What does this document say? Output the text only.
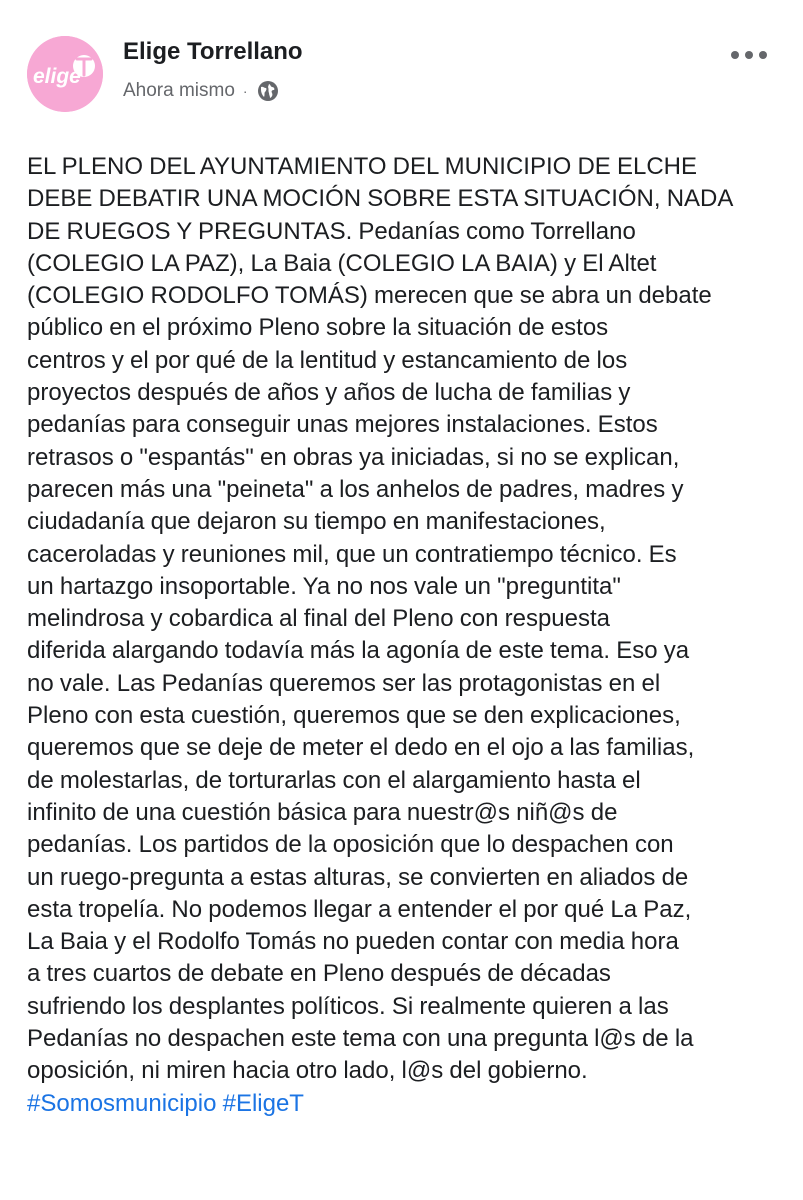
elige
Elige Torrellano
Ahora mismo ·
EL PLENO DEL AYUNTAMIENTO DEL MUNICIPIO DE ELCHE
DEBE DEBATIR UNA MOCIÓN SOBRE ESTA SITUACIÓN, NADA
DE RUEGOS Y PREGUNTAS. Pedanías como Torrellano
(COLEGIO LA PAZ), La Baia (COLEGIO LA BAIA) y El Altet
(COLEGIO RODOLFO TOMÁS) merecen que se abra un debate
público en el próximo Pleno sobre la situación de estos
centros y el por qué de la lentitud y estancamiento de los
proyectos después de años y años de lucha de familias y
pedanías para conseguir unas mejores instalaciones. Estos
retrasos o "espantás" en obras ya iniciadas, si no se explican,
parecen más una "peineta" a los anhelos de padres, madres y
ciudadanía que dejaron su tiempo en manifestaciones,
caceroladas y reuniones mil, que un contratiempo técnico. Es
un hartazgo insoportable. Ya no nos vale un "preguntita"
melindrosa y cobardica al final del Pleno con respuesta
diferida alargando todavía más la agonía de este tema. Eso ya
no vale. Las Pedanías queremos ser las protagonistas en el
Pleno con esta cuestión, queremos que se den explicaciones,
queremos que se deje de meter el dedo en el ojo a las familias,
de molestarlas, de torturarlas con el alargamiento hasta el
infinito de una cuestión básica para nuestr@s niñ@s de
pedanías. Los partidos de la oposición que lo despachen con
un ruego-pregunta a estas alturas, se convierten en aliados de
esta tropelía. No podemos llegar a entender el por qué La Paz,
La Baia y el Rodolfo Tomás no pueden contar con media hora
a tres cuartos de debate en Pleno después de décadas
sufriendo los desplantes políticos. Si realmente quieren a las
Pedanías no despachen este tema con una pregunta l@s de la
oposición, ni miren hacia otro lado, l@s del gobierno.
#Somosmunicipio #EligeT
